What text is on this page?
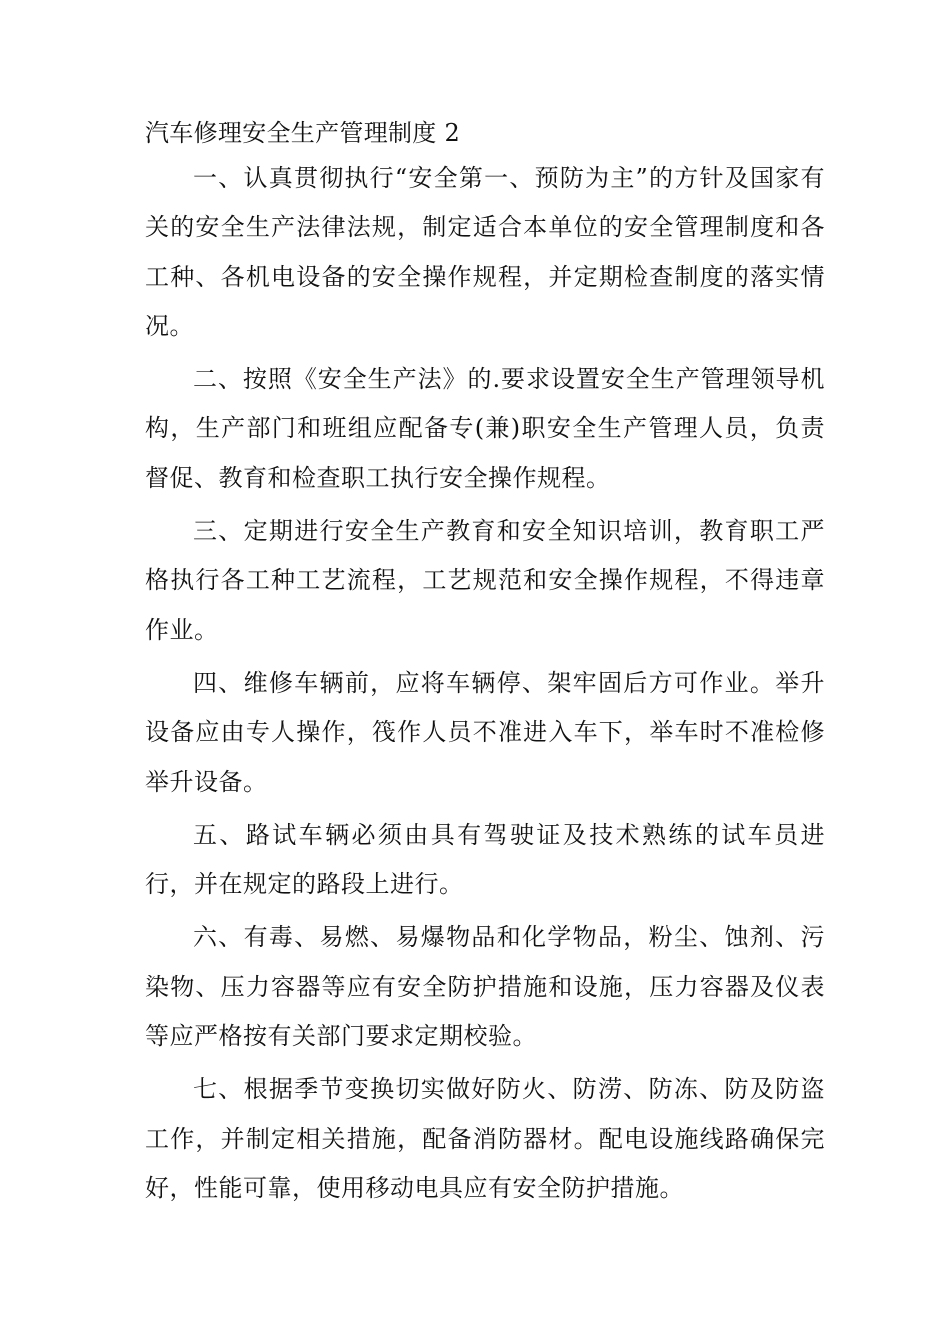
汽车修理安全生产管理制度 2

一、认真贯彻执行“安全第一、预防为主”的方针及国家有关的安全生产法律法规，制定适合本单位的安全管理制度和各工种、各机电设备的安全操作规程，并定期检查制度的落实情况。

二、按照《安全生产法》的.要求设置安全生产管理领导机构，生产部门和班组应配备专(兼)职安全生产管理人员，负责督促、教育和检查职工执行安全操作规程。

三、定期进行安全生产教育和安全知识培训，教育职工严格执行各工种工艺流程，工艺规范和安全操作规程，不得违章作业。

四、维修车辆前，应将车辆停、架牢固后方可作业。举升设备应由专人操作，筏作人员不准进入车下，举车时不准检修举升设备。

五、路试车辆必须由具有驾驶证及技术熟练的试车员进行，并在规定的路段上进行。

六、有毒、易燃、易爆物品和化学物品，粉尘、蚀剂、污染物、压力容器等应有安全防护措施和设施，压力容器及仪表等应严格按有关部门要求定期校验。

七、根据季节变换切实做好防火、防涝、防冻、防及防盗工作，并制定相关措施，配备消防器材。配电设施线路确保完好，性能可靠，使用移动电具应有安全防护措施。
